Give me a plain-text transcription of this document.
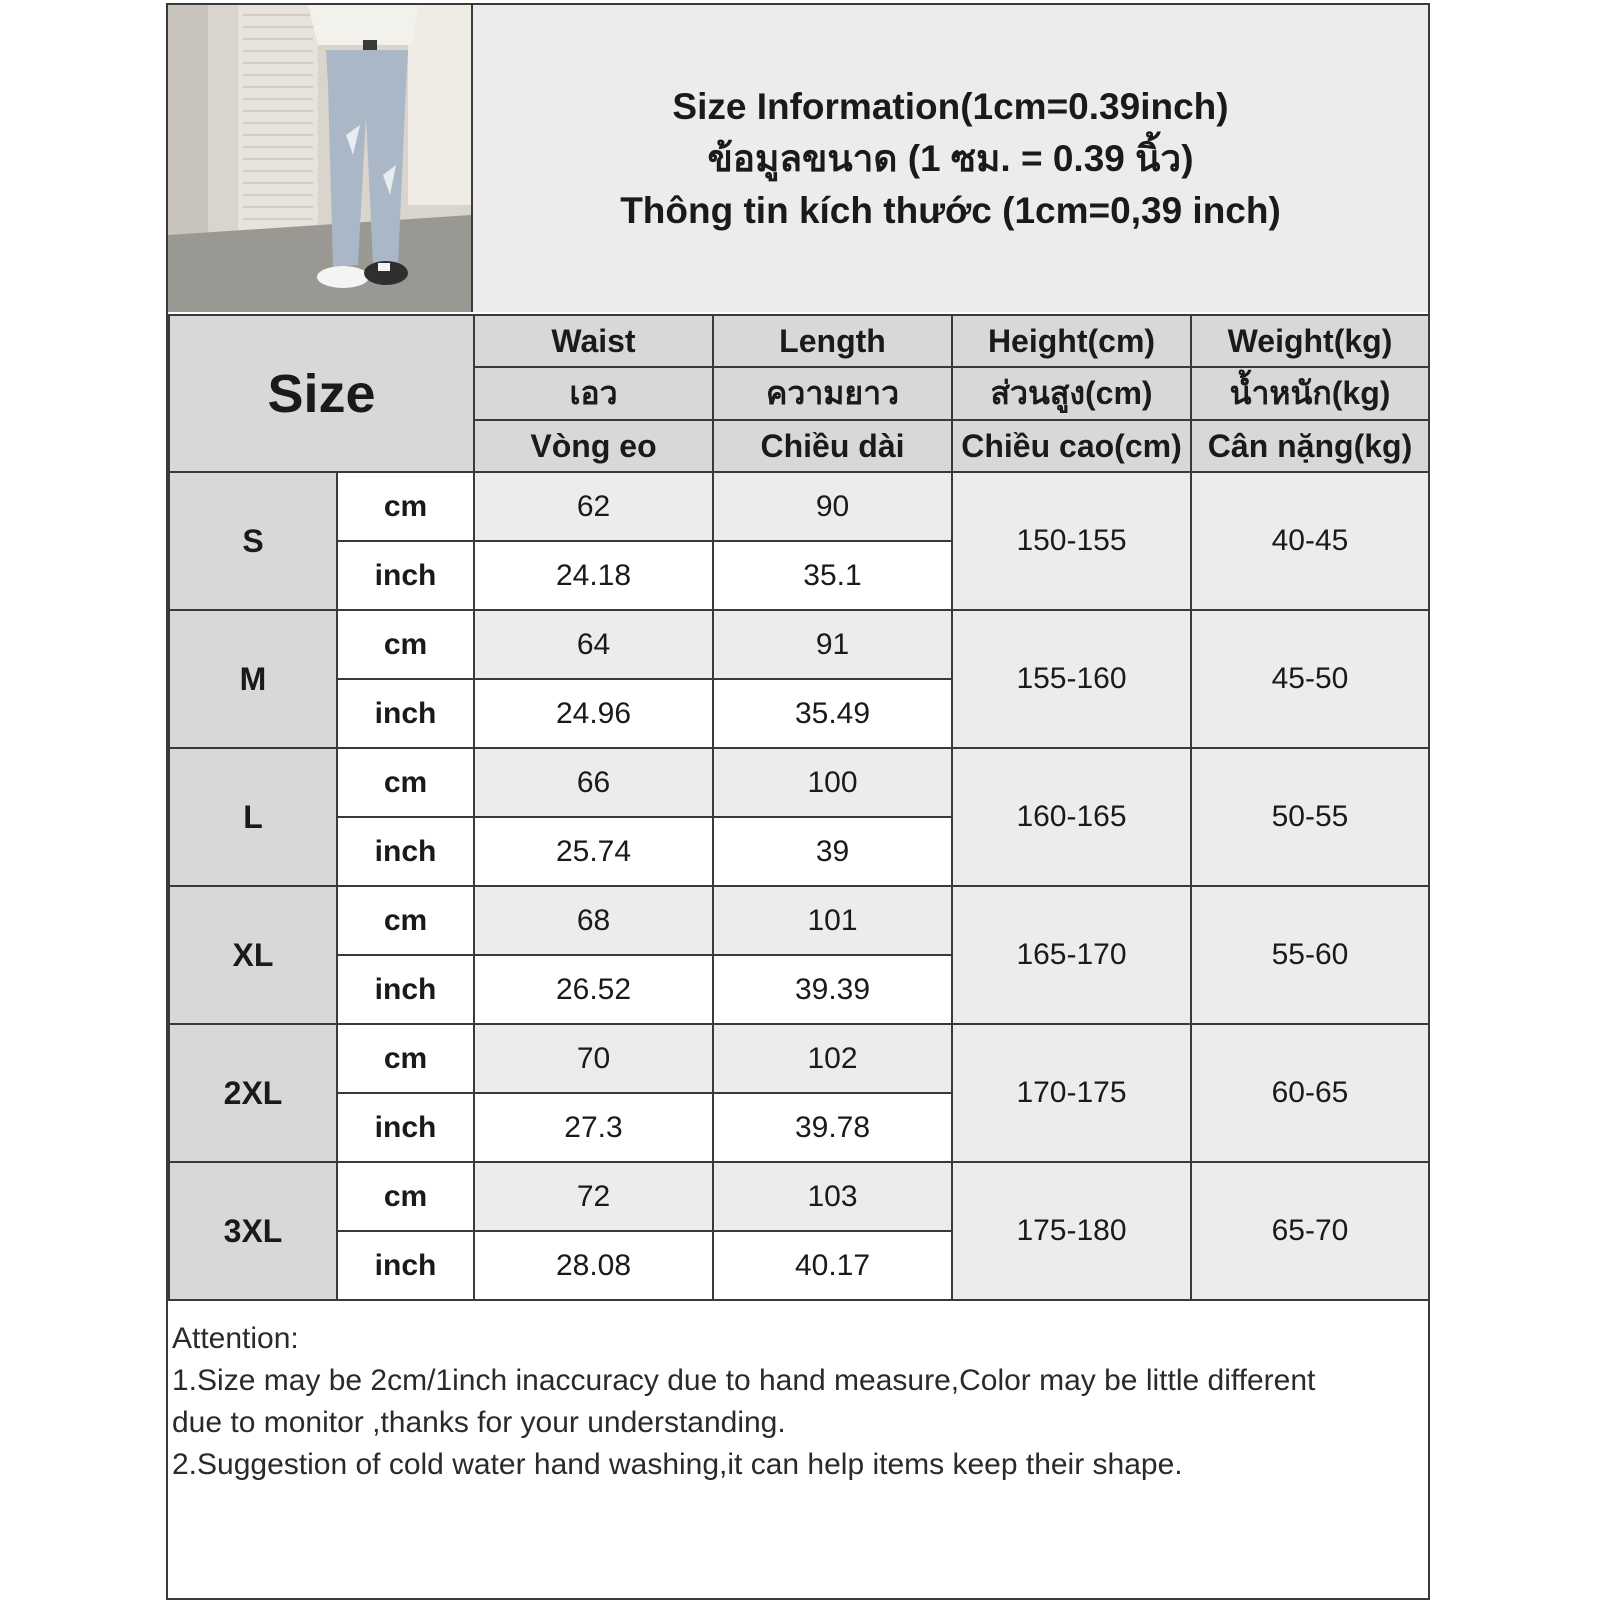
Size Information(1cm=0.39inch)
ข้อมูลขนาด (1 ซม. = 0.39 นิ้ว)
Thông tin kích thước (1cm=0,39 inch)
Size		Waist	Length	Height(cm)	Weight(kg)
		เอว	ความยาว	ส่วนสูง(cm)	น้ำหนัก(kg)
		Vòng eo	Chiều dài	Chiều cao(cm)	Cân nặng(kg)
S	cm	62	90	150-155	40-45
	inch	24.18	35.1		
M	cm	64	91	155-160	45-50
	inch	24.96	35.49		
L	cm	66	100	160-165	50-55
	inch	25.74	39		
XL	cm	68	101	165-170	55-60
	inch	26.52	39.39		
2XL	cm	70	102	170-175	60-65
	inch	27.3	39.78		
3XL	cm	72	103	175-180	65-70
	inch	28.08	40.17		
Attention:
1.Size may be 2cm/1inch inaccuracy due to hand measure,Color may be little different
due to monitor ,thanks for your understanding.
2.Suggestion of cold water hand washing,it can help items keep their shape.
